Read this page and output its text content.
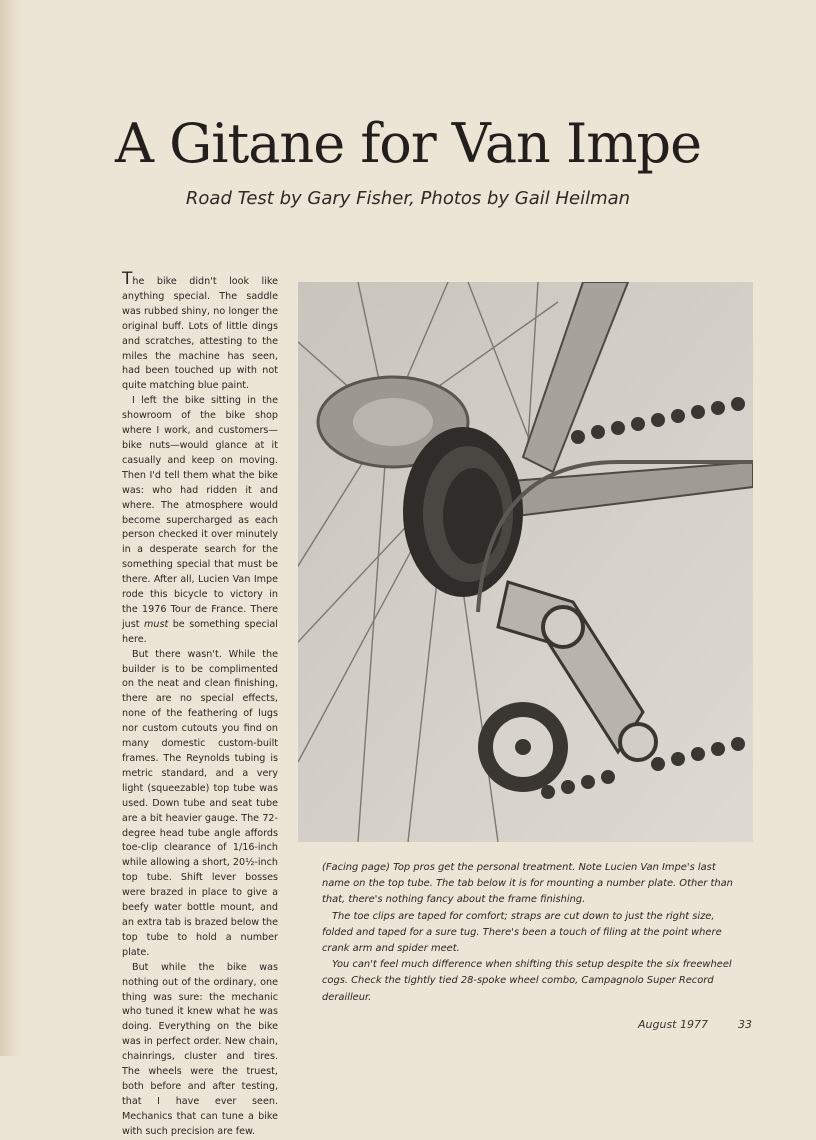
A Gitane for Van Impe
Road Test by Gary Fisher, Photos by Gail Heilman

The bike didn't look like anything special. The saddle was rubbed shiny, no longer the original buff. Lots of little dings and scratches, attesting to the miles the machine has seen, had been touched up with not quite matching blue paint.

I left the bike sitting in the showroom of the bike shop where I work, and customers—bike nuts—would glance at it casually and keep on moving. Then I'd tell them what the bike was: who had ridden it and where. The atmosphere would become supercharged as each person checked it over minutely in a desperate search for the something special that must be there. After all, Lucien Van Impe rode this bicycle to victory in the 1976 Tour de France. There just must be something special here.

But there wasn't. While the builder is to be complimented on the neat and clean finishing, there are no special effects, none of the feathering of lugs nor custom cutouts you find on many domestic custom-built frames. The Reynolds tubing is metric standard, and a very light (squeezable) top tube was used. Down tube and seat tube are a bit heavier gauge. The 72-degree head tube angle affords toe-clip clearance of 1/16-inch while allowing a short, 20½-inch top tube. Shift lever bosses were brazed in place to give a beefy water bottle mount, and an extra tab is brazed below the top tube to hold a number plate.

But while the bike was nothing out of the ordinary, one thing was sure: the mechanic who tuned it knew what he was doing. Everything on the bike was in perfect order. New chain, chainrings, cluster and tires. The wheels were the truest, both before and after testing, that I have ever seen. Mechanics that can tune a bike with such precision are few.

(Facing page) Top pros get the personal treatment. Note Lucien Van Impe's last name on the top tube. The tab below it is for mounting a number plate. Other than that, there's nothing fancy about the frame finishing.

The toe clips are taped for comfort; straps are cut down to just the right size, folded and taped for a sure tug. There's been a touch of filing at the point where crank arm and spider meet.

You can't feel much difference when shifting this setup despite the six freewheel cogs. Check the tightly tied 28-spoke wheel combo, Campagnolo Super Record derailleur.

August 1977	33
